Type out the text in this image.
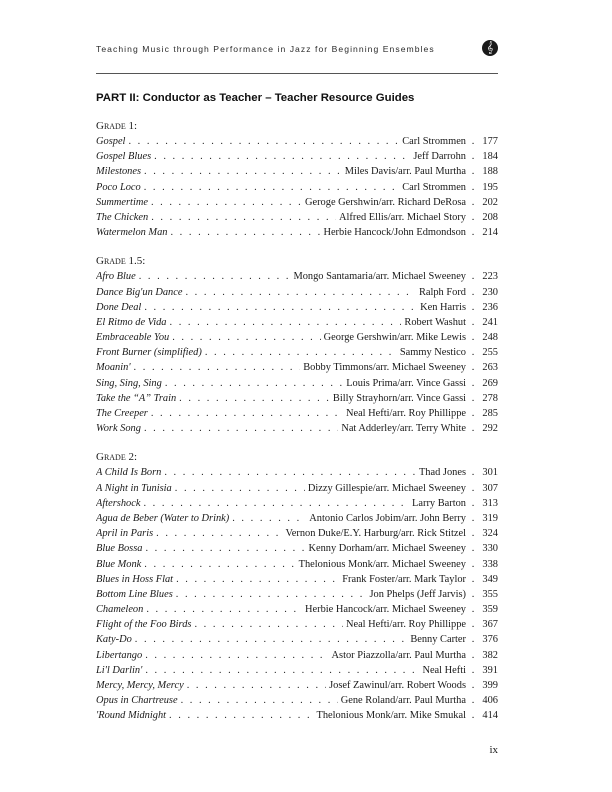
Teaching Music through Performance in Jazz for Beginning Ensembles	𝄞
PART II: Conductor as Teacher – Teacher Resource Guides
Grade 1:
Gospel . . .	Carl Strommen . 177
Gospel Blues . . .	Jeff Darrohn . 184
Milestones . . .	Miles Davis/arr. Paul Murtha . 188
Poco Loco . . .	Carl Strommen . 195
Summertime . . .	Geroge Gershwin/arr. Richard DeRosa . 202
The Chicken . . .	Alfred Ellis/arr. Michael Story . 208
Watermelon Man . . .	Herbie Hancock/John Edmondson . 214
Grade 1.5:
Afro Blue . . .	Mongo Santamaria/arr. Michael Sweeney . 223
Dance Big'un Dance . . .	Ralph Ford . 230
Done Deal . . .	Ken Harris . 236
El Ritmo de Vida . . .	Robert Washut . 241
Embraceable You . . .	George Gershwin/arr. Mike Lewis . 248
Front Burner (simplified) . . .	Sammy Nestico . 255
Moanin' . . .	Bobby Timmons/arr. Michael Sweeney . 263
Sing, Sing, Sing . . .	Louis Prima/arr. Vince Gassi . 269
Take the “A” Train . . .	Billy Strayhorn/arr. Vince Gassi . 278
The Creeper . . .	Neal Hefti/arr. Roy Phillippe . 285
Work Song . . .	Nat Adderley/arr. Terry White . 292
Grade 2:
A Child Is Born . . .	Thad Jones . 301
A Night in Tunisia . . .	Dizzy Gillespie/arr. Michael Sweeney . 307
Aftershock . . .	Larry Barton . 313
Agua de Beber (Water to Drink) . . .	Antonio Carlos Jobim/arr. John Berry . 319
April in Paris . . .	Vernon Duke/E.Y. Harburg/arr. Rick Stitzel . 324
Blue Bossa . . .	Kenny Dorham/arr. Michael Sweeney . 330
Blue Monk . . .	Thelonious Monk/arr. Michael Sweeney . 338
Blues in Hoss Flat . . .	Frank Foster/arr. Mark Taylor . 349
Bottom Line Blues . . .	Jon Phelps (Jeff Jarvis) . 355
Chameleon . . .	Herbie Hancock/arr. Michael Sweeney . 359
Flight of the Foo Birds . . .	Neal Hefti/arr. Roy Phillippe . 367
Katy-Do . . .	Benny Carter . 376
Libertango . . .	Astor Piazzolla/arr. Paul Murtha . 382
Li'l Darlin' . . .	Neal Hefti . 391
Mercy, Mercy, Mercy . . .	Josef Zawinul/arr. Robert Woods . 399
Opus in Chartreuse . . .	Gene Roland/arr. Paul Murtha . 406
'Round Midnight . . .	Thelonious Monk/arr. Mike Smukal . 414
ix
